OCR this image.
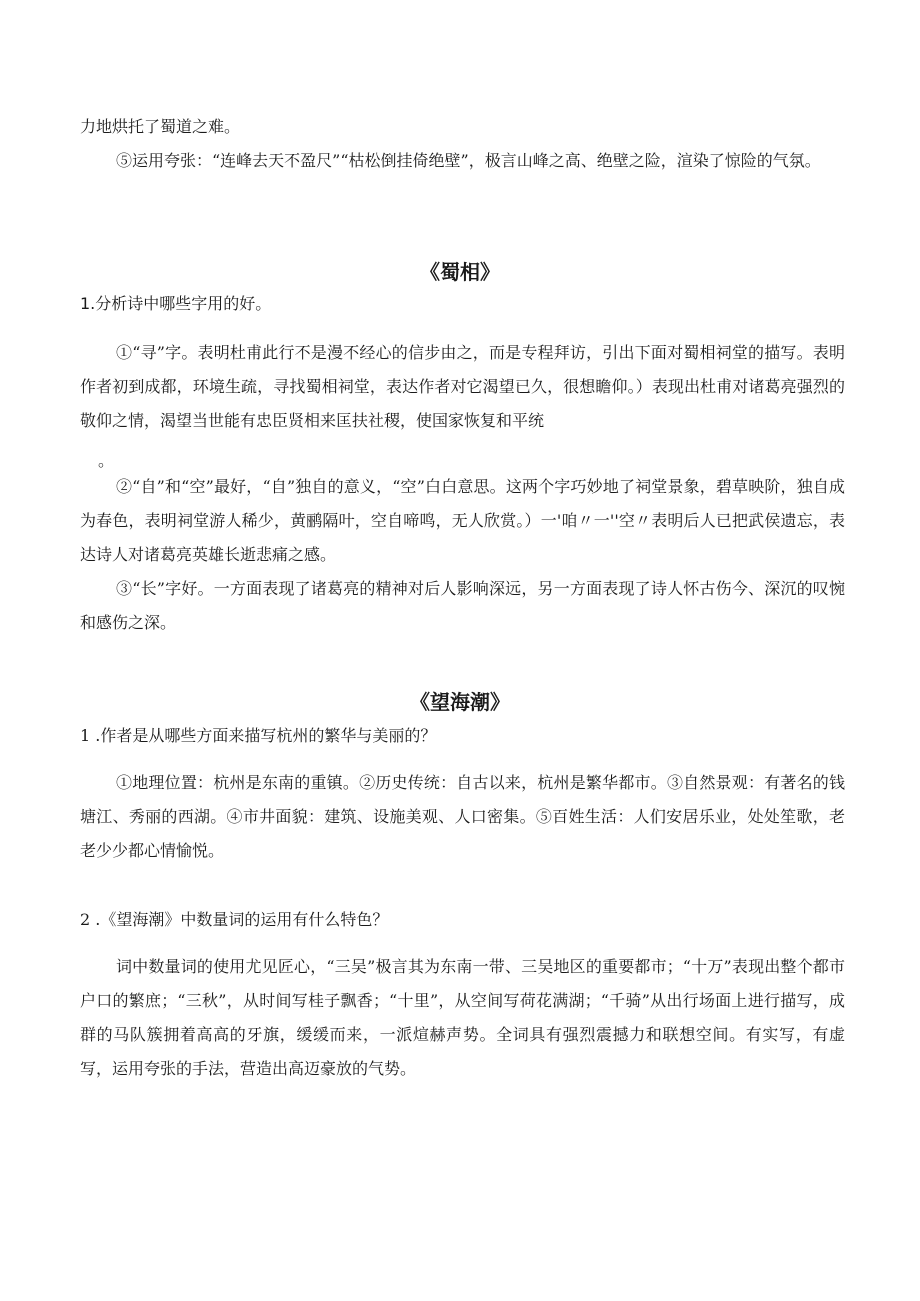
力地烘托了蜀道之难。

⑤运用夸张：“连峰去天不盈尺”“枯松倒挂倚绝壁”，极言山峰之高、绝壁之险，渲染了惊险的气氛。

《蜀相》

1.分析诗中哪些字用的好。

①“寻”字。表明杜甫此行不是漫不经心的信步由之，而是专程拜访，引出下面对蜀相祠堂的描写。表明作者初到成都，环境生疏，寻找蜀相祠堂，表达作者对它渴望已久，很想瞻仰。）表现出杜甫对诸葛亮强烈的敬仰之情，渴望当世能有忠臣贤相来匡扶社稷，使国家恢复和平统

。

②“自”和“空”最好，“自”独自的意义，“空”白白意思。这两个字巧妙地了祠堂景象，碧草映阶，独自成为春色，表明祠堂游人稀少，黄鹂隔叶，空自啼鸣，无人欣赏。）一'咱〃一''空〃表明后人已把武侯遗忘，表达诗人对诸葛亮英雄长逝悲痛之感。

③“长”字好。一方面表现了诸葛亮的精神对后人影响深远，另一方面表现了诗人怀古伤今、深沉的叹惋和感伤之深。

《望海潮》

1 .作者是从哪些方面来描写杭州的繁华与美丽的？

①地理位置：杭州是东南的重镇。②历史传统：自古以来，杭州是繁华都市。③自然景观：有著名的钱塘江、秀丽的西湖。④市井面貌：建筑、设施美观、人口密集。⑤百姓生活：人们安居乐业，处处笙歌，老老少少都心情愉悦。

2 .《望海潮》中数量词的运用有什么特色？

词中数量词的使用尤见匠心，“三吴”极言其为东南一带、三吴地区的重要都市；“十万”表现出整个都市户口的繁庶；“三秋”，从时间写桂子飘香；“十里”，从空间写荷花满湖；“千骑”从出行场面上进行描写，成群的马队簇拥着高高的牙旗，缓缓而来，一派煊赫声势。全词具有强烈震撼力和联想空间。有实写，有虚写，运用夸张的手法，营造出高迈豪放的气势。
